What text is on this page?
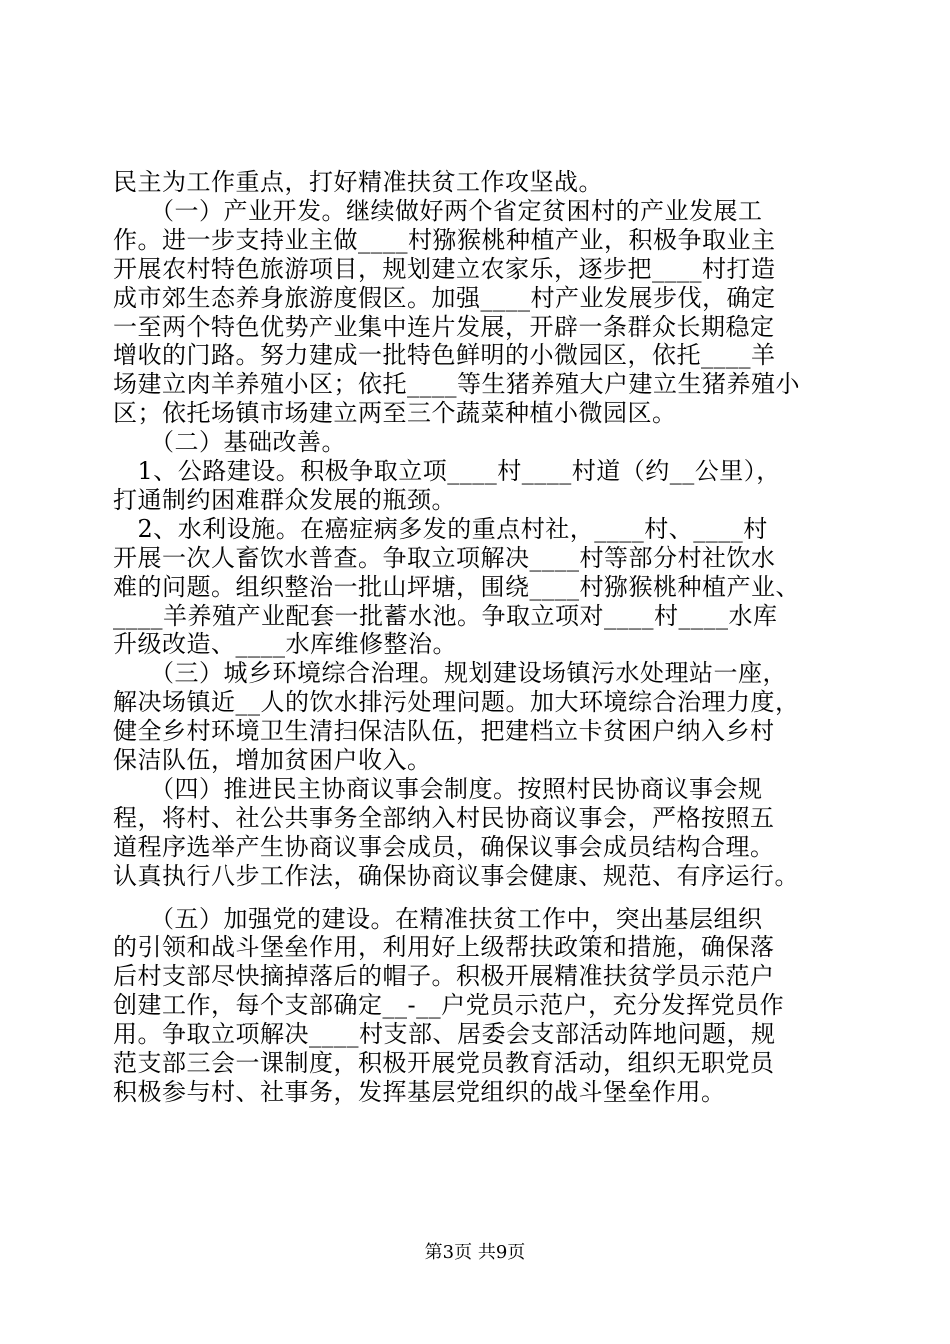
民主为工作重点，打好精准扶贫工作攻坚战。
　　（一）产业开发。继续做好两个省定贫困村的产业发展工
作。进一步支持业主做____村猕猴桃种植产业，积极争取业主
开展农村特色旅游项目，规划建立农家乐，逐步把____村打造
成市郊生态养身旅游度假区。加强____村产业发展步伐，确定
一至两个特色优势产业集中连片发展，开辟一条群众长期稳定
增收的门路。努力建成一批特色鲜明的小微园区，依托____羊
场建立肉羊养殖小区；依托____等生猪养殖大户建立生猪养殖小
区；依托场镇市场建立两至三个蔬菜种植小微园区。
　　（二）基础改善。
　1、公路建设。积极争取立项____村____村道（约__公里），
打通制约困难群众发展的瓶颈。
　2、水利设施。在癌症病多发的重点村社，____村、____村
开展一次人畜饮水普查。争取立项解决____村等部分村社饮水
难的问题。组织整治一批山坪塘，围绕____村猕猴桃种植产业、
____羊养殖产业配套一批蓄水池。争取立项对____村____水库
升级改造、____水库维修整治。
　　（三）城乡环境综合治理。规划建设场镇污水处理站一座，
解决场镇近__人的饮水排污处理问题。加大环境综合治理力度，
健全乡村环境卫生清扫保洁队伍，把建档立卡贫困户纳入乡村
保洁队伍，增加贫困户收入。
　　（四）推进民主协商议事会制度。按照村民协商议事会规
程，将村、社公共事务全部纳入村民协商议事会，严格按照五
道程序选举产生协商议事会成员，确保议事会成员结构合理。
认真执行八步工作法，确保协商议事会健康、规范、有序运行。
　　（五）加强党的建设。在精准扶贫工作中，突出基层组织
的引领和战斗堡垒作用，利用好上级帮扶政策和措施，确保落
后村支部尽快摘掉落后的帽子。积极开展精准扶贫学员示范户
创建工作，每个支部确定__-__户党员示范户，充分发挥党员作
用。争取立项解决____村支部、居委会支部活动阵地问题，规
范支部三会一课制度，积极开展党员教育活动，组织无职党员
积极参与村、社事务，发挥基层党组织的战斗堡垒作用。
第3页 共9页
